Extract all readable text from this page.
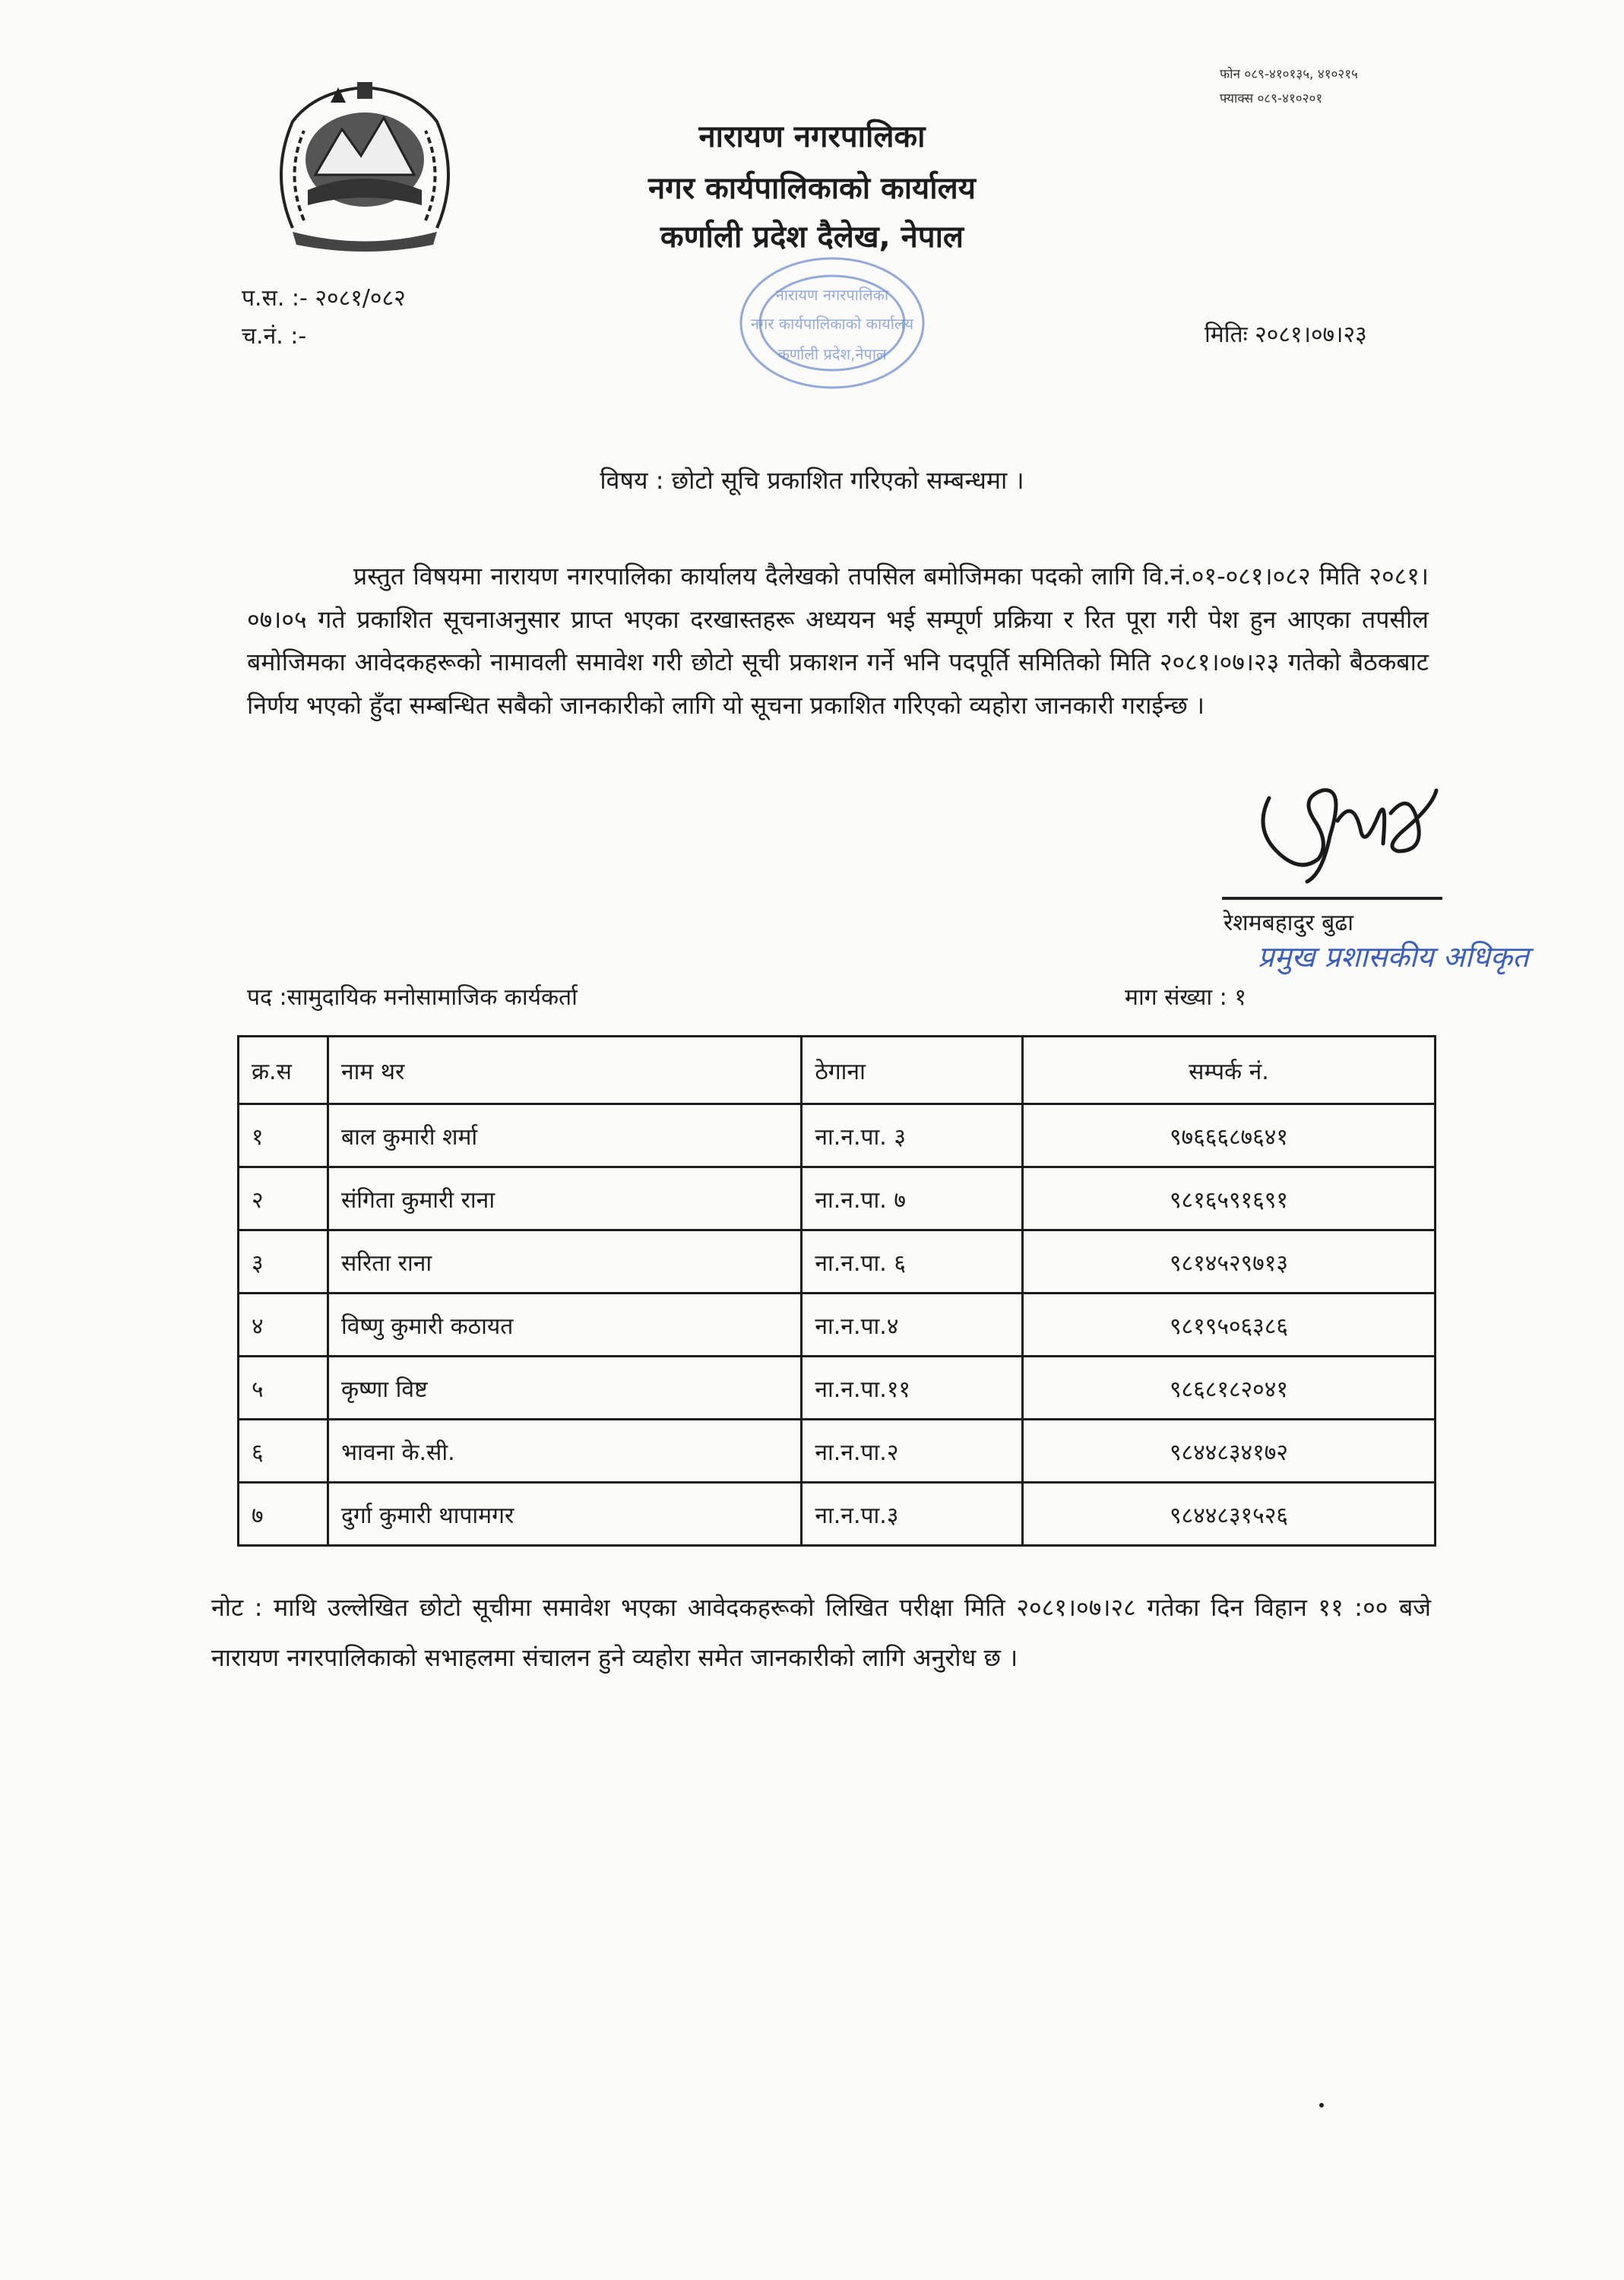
फोन ०८९-४१०१३५, ४१०२१५
फ्याक्स ०८९-४१०२०१
नारायण नगरपालिका
नगर कार्यपालिकाको कार्यालय
कर्णाली प्रदेश दैलेख, नेपाल
नारायण नगरपालिका
नगर कार्यपालिकाको कार्यालय
कर्णाली प्रदेश,नेपाल
प.स. :- २०८१/०८२
च.नं. :-	मितिः २०८१।०७।२३
विषय : छोटो सूचि प्रकाशित गरिएको सम्बन्धमा ।
प्रस्तुत विषयमा नारायण नगरपालिका कार्यालय दैलेखको तपसिल बमोजिमका पदको लागि वि.नं.०१-०८१।०८२ मिति २०८१।०७।०५ गते प्रकाशित सूचनाअनुसार प्राप्त भएका दरखास्तहरू अध्ययन भई सम्पूर्ण प्रक्रिया र रित पूरा गरी पेश हुन आएका तपसील बमोजिमका आवेदकहरूको नामावली समावेश गरी छोटो सूची प्रकाशन गर्ने भनि पदपूर्ति समितिको मिति २०८१।०७।२३ गतेको बैठकबाट निर्णय भएको हुँदा सम्बन्धित सबैको जानकारीको लागि यो सूचना प्रकाशित गरिएको व्यहोरा जानकारी गराईन्छ ।
रेशमबहादुर बुढा
प्रमुख प्रशासकीय अधिकृत
पद :सामुदायिक मनोसामाजिक कार्यकर्ता	माग संख्या : १
क्र.स	नाम थर	ठेगाना	सम्पर्क नं.
१	बाल कुमारी शर्मा	ना.न.पा. ३	९७६६६८७६४१
२	संगिता कुमारी राना	ना.न.पा. ७	९८१६५९१६९१
३	सरिता राना	ना.न.पा. ६	९८१४५२९७१३
४	विष्णु कुमारी कठायत	ना.न.पा.४	९८१९५०६३८६
५	कृष्णा विष्ट	ना.न.पा.११	९८६८१८२०४१
६	भावना के.सी.	ना.न.पा.२	९८४४८३४१७२
७	दुर्गा कुमारी थापामगर	ना.न.पा.३	९८४४८३१५२६
नोट : माथि उल्लेखित छोटो सूचीमा समावेश भएका आवेदकहरूको लिखित परीक्षा मिति २०८१।०७।२८ गतेका दिन विहान ११ :०० बजे नारायण नगरपालिकाको सभाहलमा संचालन हुने व्यहोरा समेत जानकारीको लागि अनुरोध छ ।
